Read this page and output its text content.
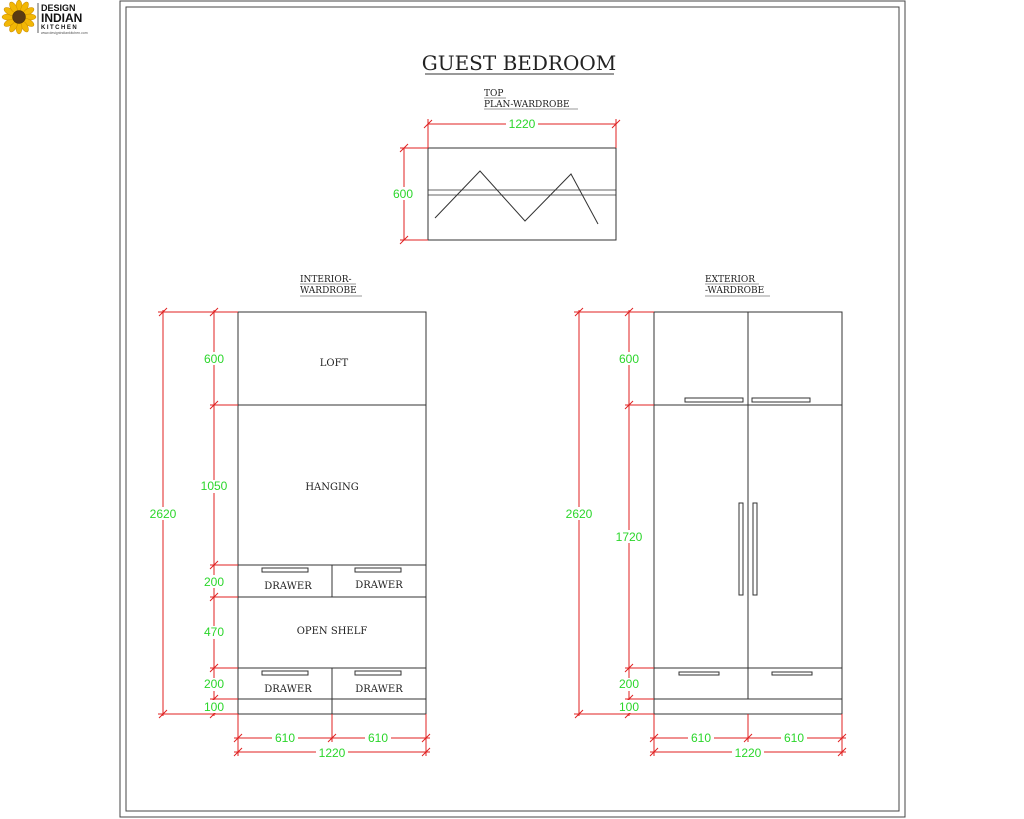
DESIGN
INDIAN
KITCHEN
www.designindiankitchen.com
GUEST BEDROOM
TOP
PLAN-WARDROBE
1220
600
INTERIOR-
WARDROBE
LOFT
HANGING
DRAWER	DRAWER
OPEN SHELF
DRAWER	DRAWER
2620
600
1050
200
470
200
100
610	610
1220
EXTERIOR
-WARDROBE
2620
600
1720
200
100
610	610
1220
